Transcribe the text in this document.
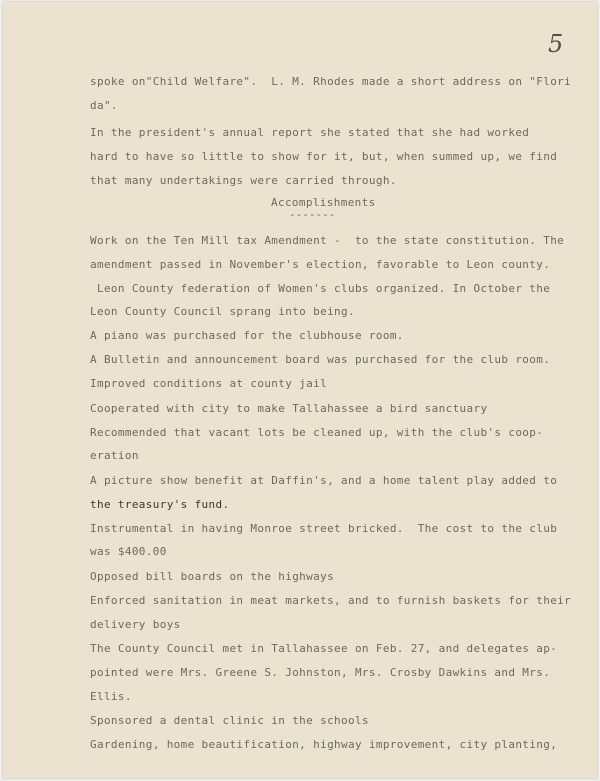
5
spoke on"Child Welfare".  L. M. Rhodes made a short address on "Flori
da".
In the president's annual report she stated that she had worked
hard to have so little to show for it, but, when summed up, we find
that many undertakings were carried through.
Accomplishments
-------
Work on the Ten Mill tax Amendment -  to the state constitution. The
amendment passed in November's election, favorable to Leon county.
Leon County federation of Women's clubs organized. In October the
Leon County Council sprang into being.
A piano was purchased for the clubhouse room.
A Bulletin and announcement board was purchased for the club room.
Improved conditions at county jail
Cooperated with city to make Tallahassee a bird sanctuary
Recommended that vacant lots be cleaned up, with the club's coop-
eration
A picture show benefit at Daffin's, and a home talent play added to
the treasury's fund.
Instrumental in having Monroe street bricked.  The cost to the club
was $400.00
Opposed bill boards on the highways
Enforced sanitation in meat markets, and to furnish baskets for their
delivery boys
The County Council met in Tallahassee on Feb. 27, and delegates ap-
pointed were Mrs. Greene S. Johnston, Mrs. Crosby Dawkins and Mrs.
Ellis.
Sponsored a dental clinic in the schools
Gardening, home beautification, highway improvement, city planting,
